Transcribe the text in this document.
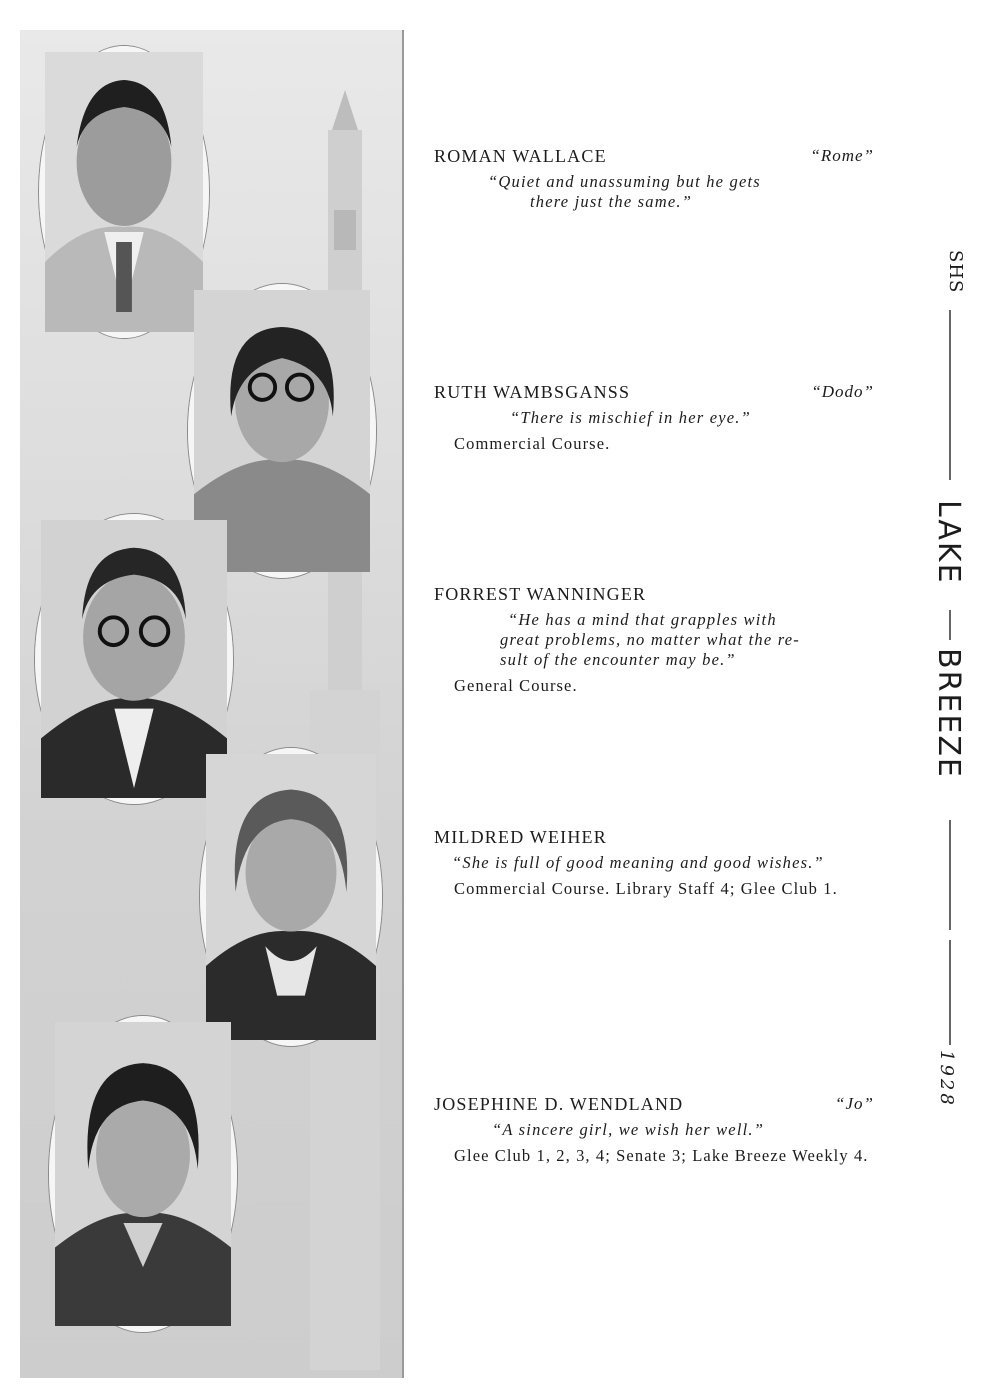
ROMAN WALLACE	“Rome”
“Quiet and unassuming but he gets
there just the same.”
RUTH WAMBSGANSS	“Dodo”
“There is mischief in her eye.”
Commercial Course.
FORREST WANNINGER
“He has a mind that grapples with
great problems, no matter what the re-
sult of the encounter may be.”
General Course.
MILDRED WEIHER
“She is full of good meaning and good wishes.”
Commercial Course. Library Staff 4; Glee Club 1.
JOSEPHINE D. WENDLAND	“Jo”
“A sincere girl, we wish her well.”
Glee Club 1, 2, 3, 4; Senate 3; Lake Breeze Weekly 4.
SHS
LAKE
BREEZE
1928
